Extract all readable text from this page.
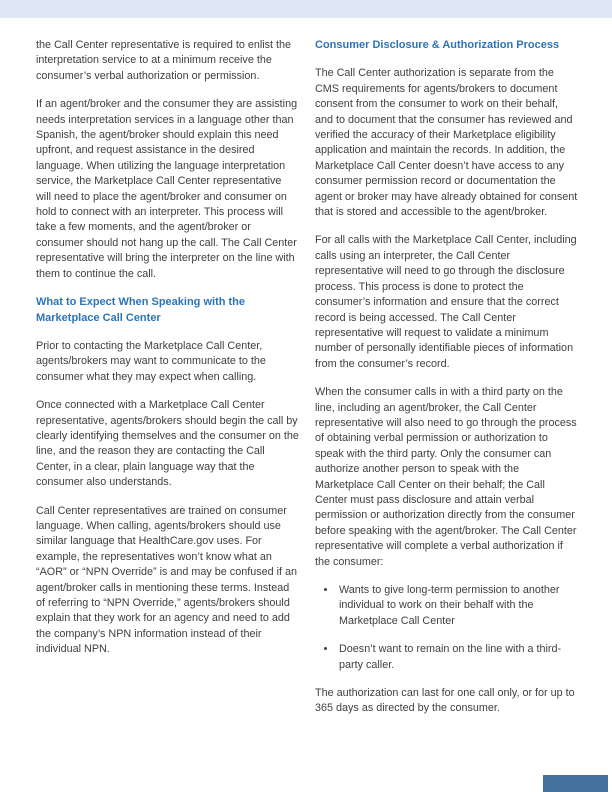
the Call Center representative is required to enlist the interpretation service to at a minimum receive the consumer’s verbal authorization or permission.

If an agent/broker and the consumer they are assisting needs interpretation services in a language other than Spanish, the agent/broker should explain this need upfront, and request assistance in the desired language. When utilizing the language interpretation service, the Marketplace Call Center representative will need to place the agent/broker and consumer on hold to connect with an interpreter. This process will take a few moments, and the agent/broker or consumer should not hang up the call. The Call Center representative will bring the interpreter on the line with them to continue the call.

What to Expect When Speaking with the Marketplace Call Center

Prior to contacting the Marketplace Call Center, agents/brokers may want to communicate to the consumer what they may expect when calling.

Once connected with a Marketplace Call Center representative, agents/brokers should begin the call by clearly identifying themselves and the consumer on the line, and the reason they are contacting the Call Center, in a clear, plain language way that the consumer also understands.

Call Center representatives are trained on consumer language. When calling, agents/brokers should use similar language that HealthCare.gov uses. For example, the representatives won’t know what an “AOR” or “NPN Override” is and may be confused if an agent/broker calls in mentioning these terms. Instead of referring to “NPN Override,” agents/brokers should explain that they work for an agency and need to add the company’s NPN information instead of their individual NPN.

Consumer Disclosure & Authorization Process

The Call Center authorization is separate from the CMS requirements for agents/brokers to document consent from the consumer to work on their behalf, and to document that the consumer has reviewed and verified the accuracy of their Marketplace eligibility application and maintain the records. In addition, the Marketplace Call Center doesn’t have access to any consumer permission record or documentation the agent or broker may have already obtained for consent that is stored and accessible to the agent/broker.

For all calls with the Marketplace Call Center, including calls using an interpreter, the Call Center representative will need to go through the disclosure process. This process is done to protect the consumer’s information and ensure that the correct record is being accessed. The Call Center representative will request to validate a minimum number of personally identifiable pieces of information from the consumer’s record.

When the consumer calls in with a third party on the line, including an agent/broker, the Call Center representative will also need to go through the process of obtaining verbal permission or authorization to speak with the third party. Only the consumer can authorize another person to speak with the Marketplace Call Center on their behalf; the Call Center must pass disclosure and attain verbal permission or authorization directly from the consumer before speaking with the agent/broker. The Call Center representative will complete a verbal authorization if the consumer:

• Wants to give long-term permission to another individual to work on their behalf with the Marketplace Call Center
• Doesn’t want to remain on the line with a third-party caller.

The authorization can last for one call only, or for up to 365 days as directed by the consumer.
